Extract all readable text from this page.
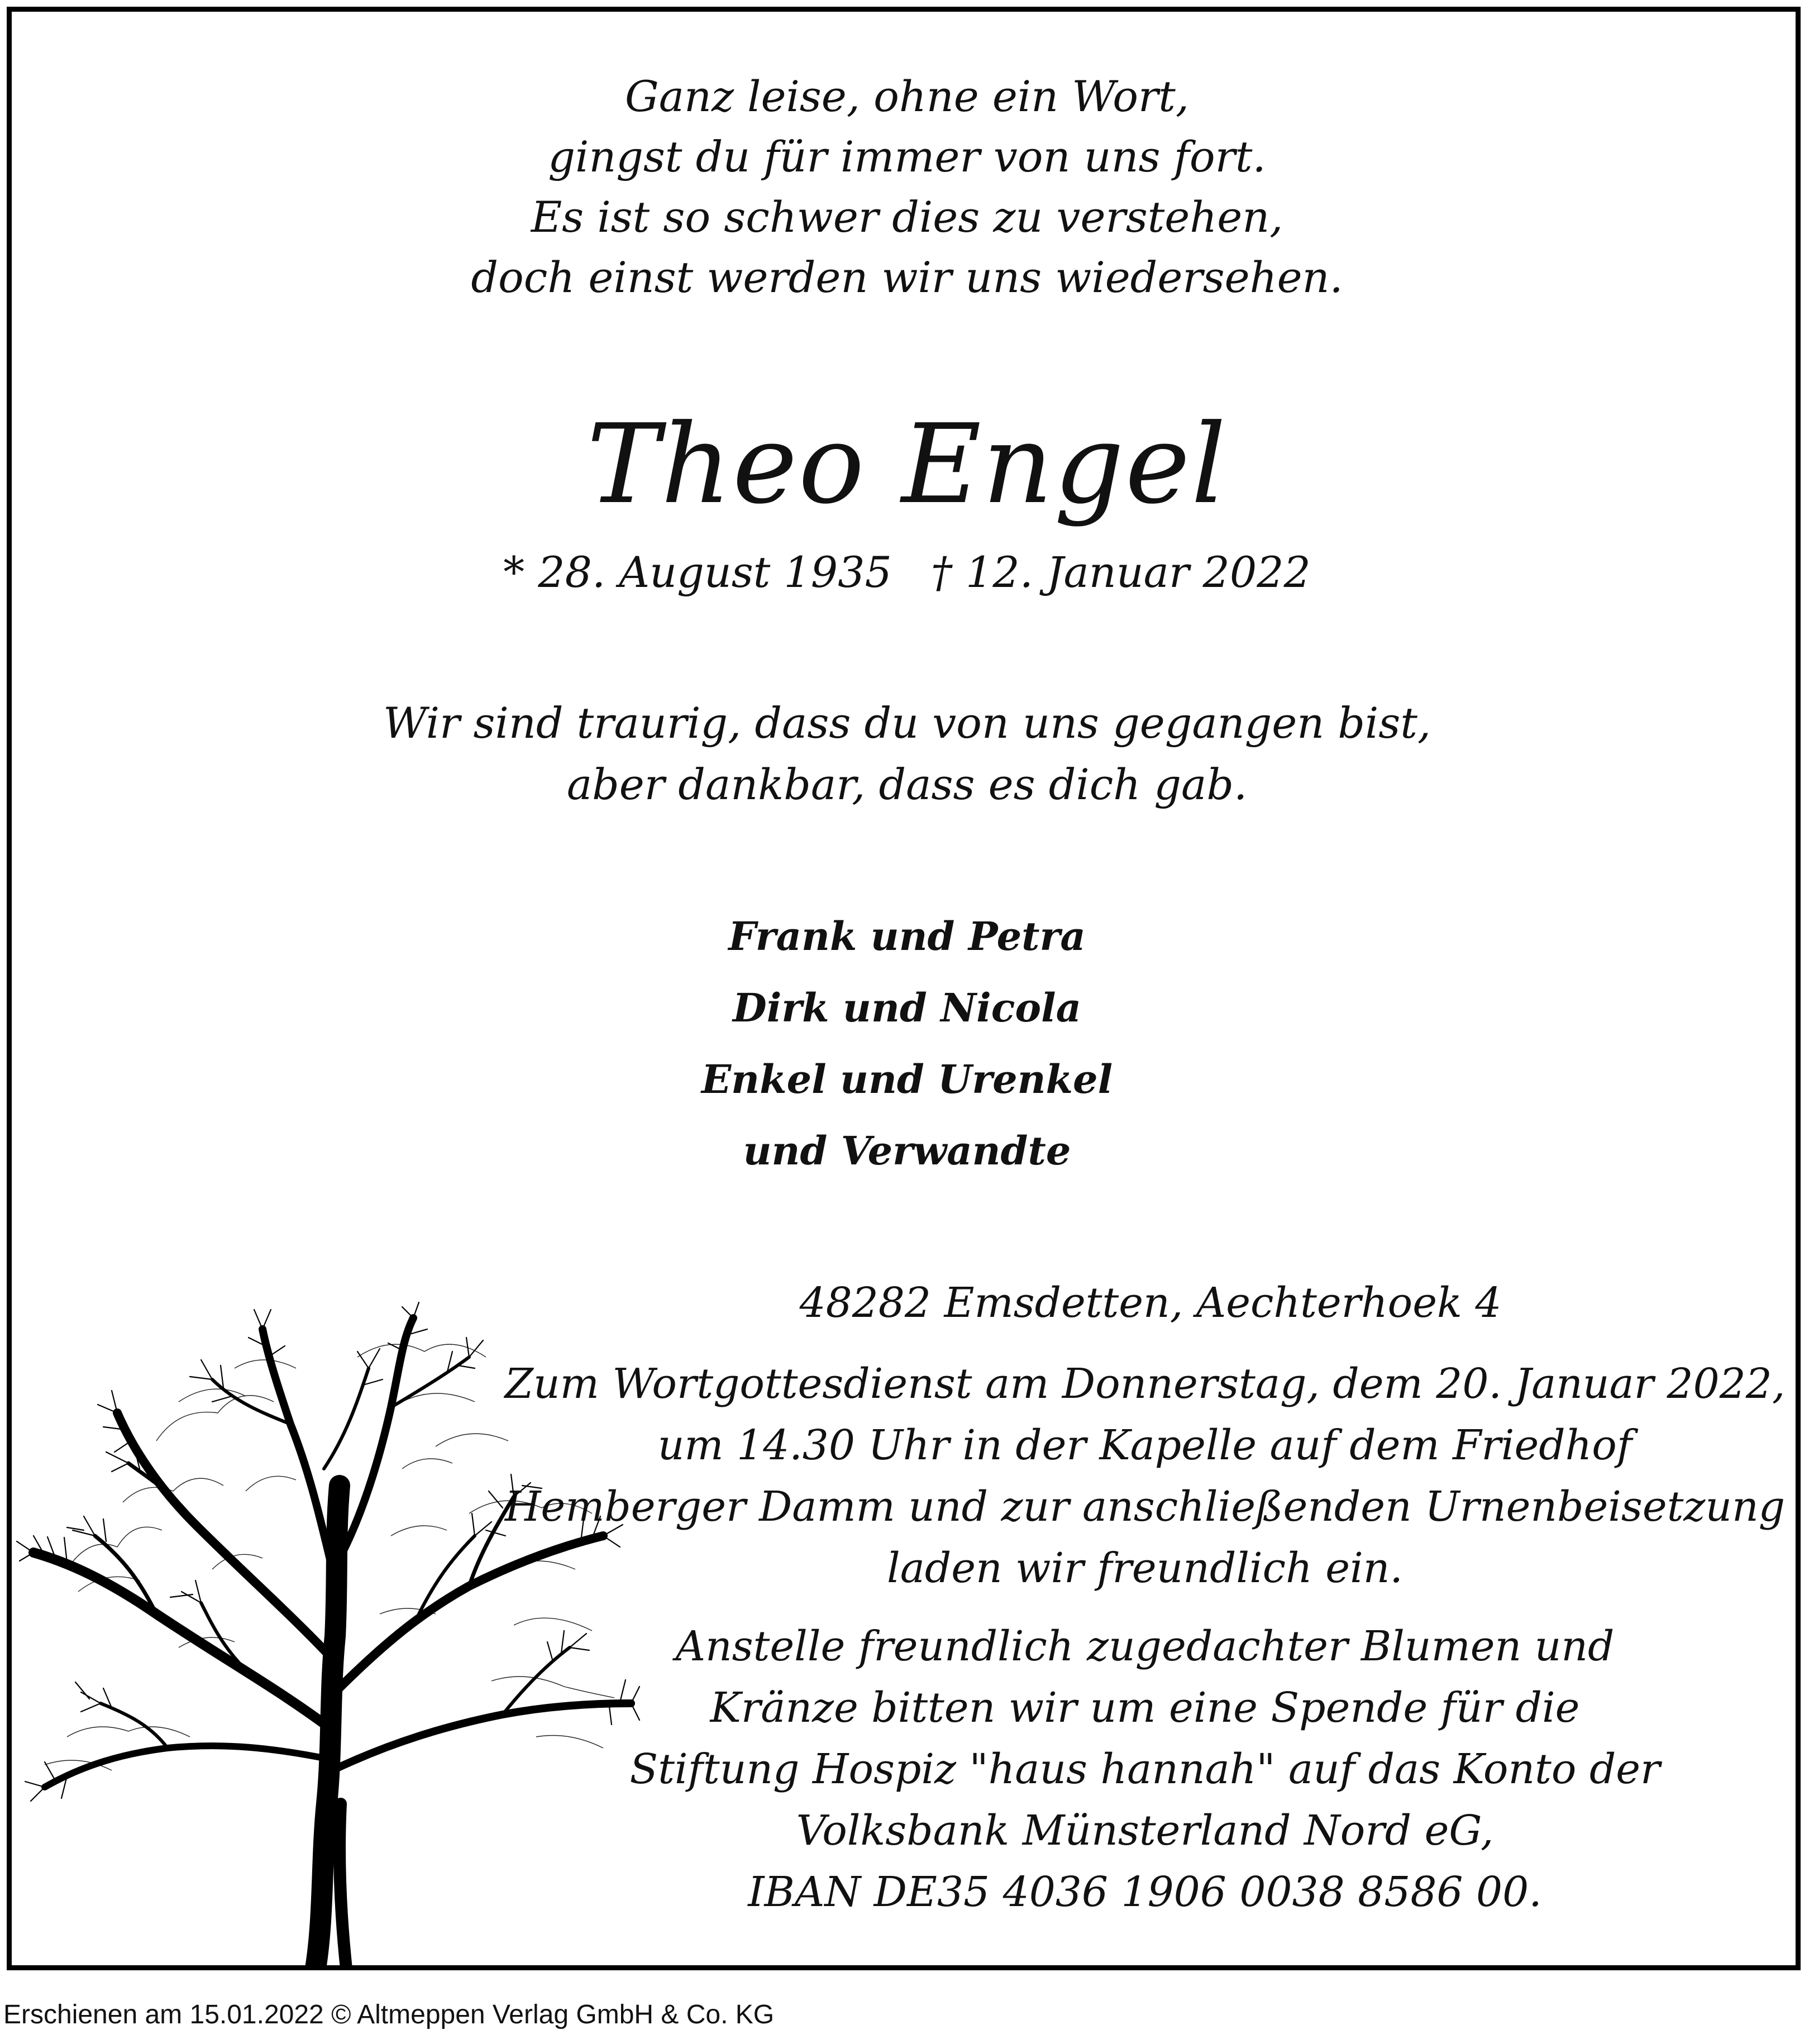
Ganz leise, ohne ein Wort,
gingst du für immer von uns fort.
Es ist so schwer dies zu verstehen,
doch einst werden wir uns wiedersehen.
Theo Engel
* 28. August 1935 † 12. Januar 2022
Wir sind traurig, dass du von uns gegangen bist,
aber dankbar, dass es dich gab.
Frank und Petra
Dirk und Nicola
Enkel und Urenkel
und Verwandte
48282 Emsdetten, Aechterhoek 4
Zum Wortgottesdienst am Donnerstag, dem 20. Januar 2022,
um 14.30 Uhr in der Kapelle auf dem Friedhof
Hemberger Damm und zur anschließenden Urnenbeisetzung
laden wir freundlich ein.
Anstelle freundlich zugedachter Blumen und
Kränze bitten wir um eine Spende für die
Stiftung Hospiz "haus hannah" auf das Konto der
Volksbank Münsterland Nord eG,
IBAN DE35 4036 1906 0038 8586 00.
Erschienen am 15.01.2022 © Altmeppen Verlag GmbH & Co. KG
